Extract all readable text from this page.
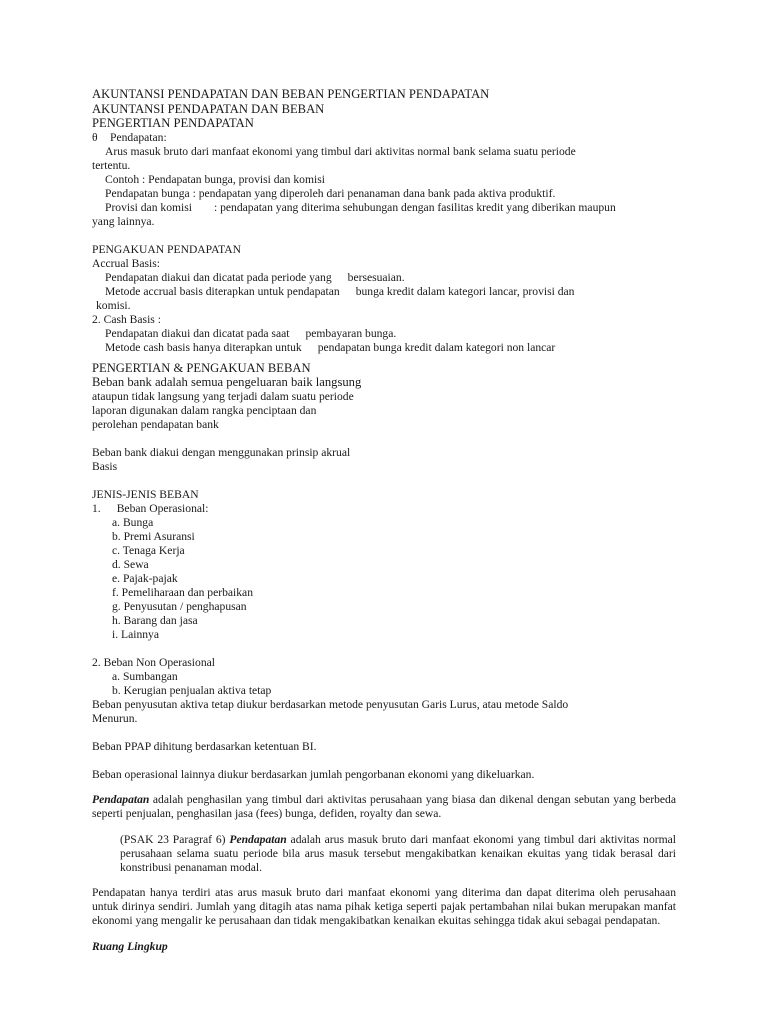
AKUNTANSI PENDAPATAN DAN BEBAN PENGERTIAN PENDAPATAN

AKUNTANSI PENDAPATAN DAN BEBAN

PENGERTIAN PENDAPATAN

θ Pendapatan:

Arus masuk bruto dari manfaat ekonomi yang timbul dari aktivitas normal bank selama suatu periode

tertentu.

Contoh : Pendapatan bunga, provisi dan komisi

Pendapatan bunga : pendapatan yang diperoleh dari penanaman dana bank pada aktiva produktif.

Provisi dan komisi : pendapatan yang diterima sehubungan dengan fasilitas kredit yang diberikan maupun

yang lainnya.

PENGAKUAN PENDAPATAN

Accrual Basis:

Pendapatan diakui dan dicatat pada periode yang bersesuaian.

Metode accrual basis diterapkan untuk pendapatan bunga kredit dalam kategori lancar, provisi dan

komisi.

2. Cash Basis :

Pendapatan diakui dan dicatat pada saat pembayaran bunga.

Metode cash basis hanya diterapkan untuk pendapatan bunga kredit dalam kategori non lancar

PENGERTIAN & PENGAKUAN BEBAN

Beban bank adalah semua pengeluaran baik langsung

ataupun tidak langsung yang terjadi dalam suatu periode

laporan digunakan dalam rangka penciptaan dan

perolehan pendapatan bank

Beban bank diakui dengan menggunakan prinsip akrual

Basis

JENIS-JENIS BEBAN

1. Beban Operasional:

a. Bunga

b. Premi Asuransi

c. Tenaga Kerja

d. Sewa

e. Pajak-pajak

f. Pemeliharaan dan perbaikan

g. Penyusutan / penghapusan

h. Barang dan jasa

i. Lainnya

2. Beban Non Operasional

a. Sumbangan

b. Kerugian penjualan aktiva tetap

Beban penyusutan aktiva tetap diukur berdasarkan metode penyusutan Garis Lurus, atau metode Saldo

Menurun.

Beban PPAP dihitung berdasarkan ketentuan BI.

Beban operasional lainnya diukur berdasarkan jumlah pengorbanan ekonomi yang dikeluarkan.

Pendapatan adalah penghasilan yang timbul dari aktivitas perusahaan yang biasa dan dikenal dengan sebutan yang berbeda seperti penjualan, penghasilan jasa (fees) bunga, defiden, royalty dan sewa.

(PSAK 23 Paragraf 6) Pendapatan adalah arus masuk bruto dari manfaat ekonomi yang timbul dari aktivitas normal perusahaan selama suatu periode bila arus masuk tersebut mengakibatkan kenaikan ekuitas yang tidak berasal dari konstribusi penanaman modal.

Pendapatan hanya terdiri atas arus masuk bruto dari manfaat ekonomi yang diterima dan dapat diterima oleh perusahaan untuk dirinya sendiri. Jumlah yang ditagih atas nama pihak ketiga seperti pajak pertambahan nilai bukan merupakan manfat ekonomi yang mengalir ke perusahaan dan tidak mengakibatkan kenaikan ekuitas sehingga tidak akui sebagai pendapatan.

Ruang Lingkup
